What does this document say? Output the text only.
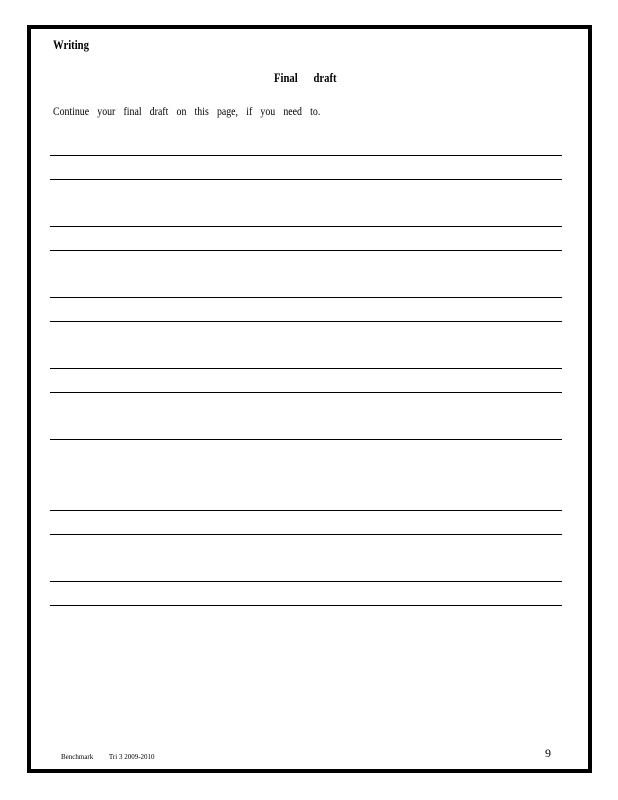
Writing
Final draft
Continue your final draft on this page, if you need to.
Benchmark Tri 3 2009-2010	9
